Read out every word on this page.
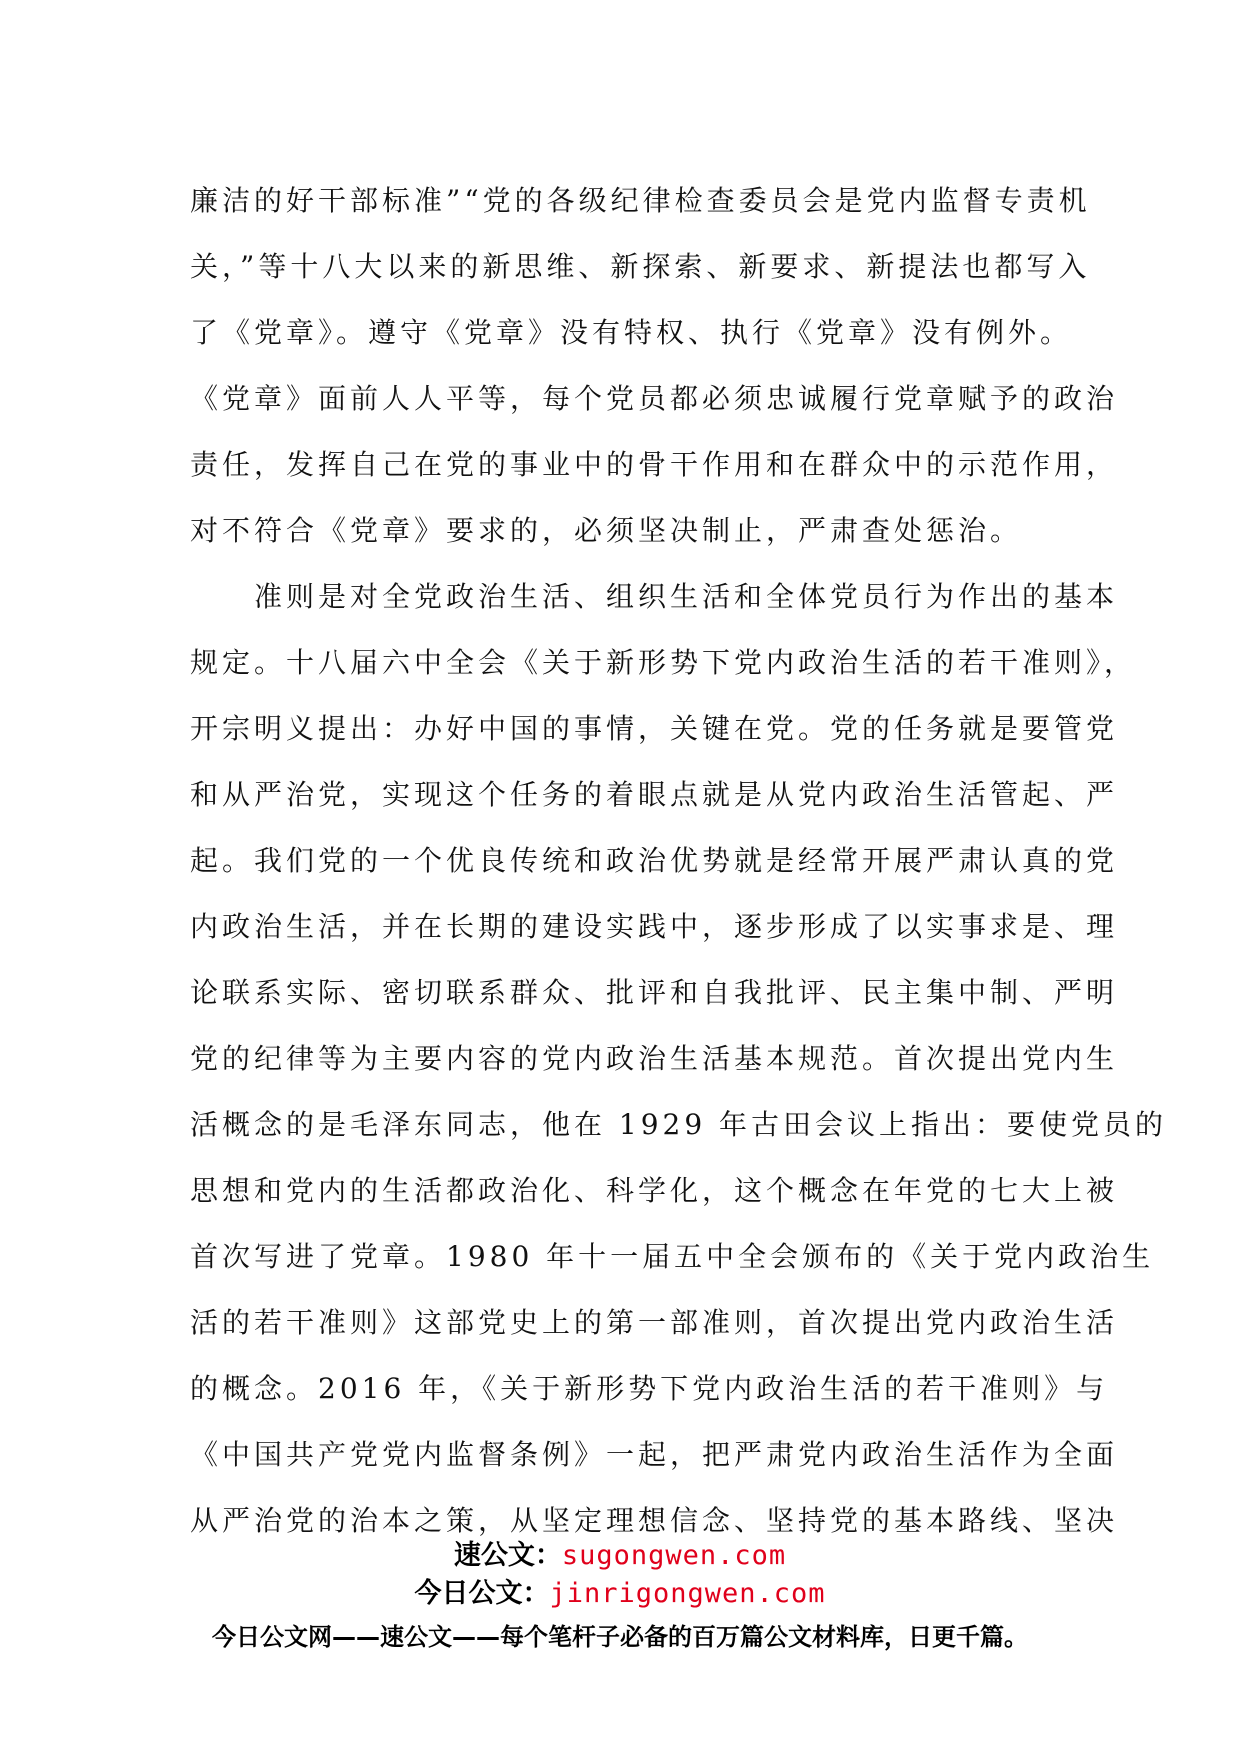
廉洁的好干部标准”“党的各级纪律检查委员会是党内监督专责机
关，”等十八大以来的新思维、新探索、新要求、新提法也都写入
了《党章》。遵守《党章》没有特权、执行《党章》没有例外。
《党章》面前人人平等，每个党员都必须忠诚履行党章赋予的政治
责任，发挥自己在党的事业中的骨干作用和在群众中的示范作用，
对不符合《党章》要求的，必须坚决制止，严肃查处惩治。
　　准则是对全党政治生活、组织生活和全体党员行为作出的基本
规定。十八届六中全会《关于新形势下党内政治生活的若干准则》，
开宗明义提出：办好中国的事情，关键在党。党的任务就是要管党
和从严治党，实现这个任务的着眼点就是从党内政治生活管起、严
起。我们党的一个优良传统和政治优势就是经常开展严肃认真的党
内政治生活，并在长期的建设实践中，逐步形成了以实事求是、理
论联系实际、密切联系群众、批评和自我批评、民主集中制、严明
党的纪律等为主要内容的党内政治生活基本规范。首次提出党内生
活概念的是毛泽东同志，他在 1929 年古田会议上指出：要使党员的
思想和党内的生活都政治化、科学化，这个概念在年党的七大上被
首次写进了党章。1980 年十一届五中全会颁布的《关于党内政治生
活的若干准则》这部党史上的第一部准则，首次提出党内政治生活
的概念。2016 年，《关于新形势下党内政治生活的若干准则》与
《中国共产党党内监督条例》一起，把严肃党内政治生活作为全面
从严治党的治本之策，从坚定理想信念、坚持党的基本路线、坚决
速公文：sugongwen.com
今日公文：jinrigongwen.com
今日公文网——速公文——每个笔杆子必备的百万篇公文材料库，日更千篇。
